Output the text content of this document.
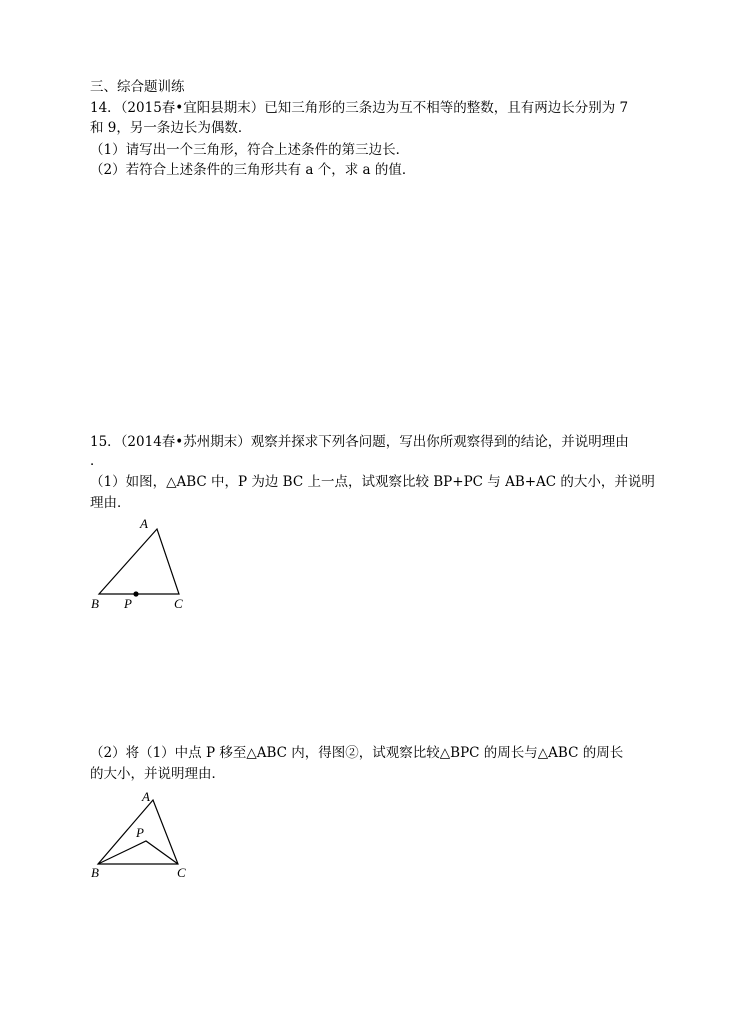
三、综合题训练
14．（2015春•宜阳县期末）已知三角形的三条边为互不相等的整数，且有两边长分别为 7
和 9，另一条边长为偶数．
（1）请写出一个三角形，符合上述条件的第三边长．
（2）若符合上述条件的三角形共有 a 个，求 a 的值．
15．（2014春•苏州期末）观察并探求下列各问题，写出你所观察得到的结论，并说明理由
．
（1）如图，△ABC 中，P 为边 BC 上一点，试观察比较 BP+PC 与 AB+AC 的大小，并说明
理由．
A
B P	C
（2）将（1）中点 P 移至△ABC 内，得图②，试观察比较△BPC 的周长与△ABC 的周长
的大小，并说明理由．
A
P
B	C
